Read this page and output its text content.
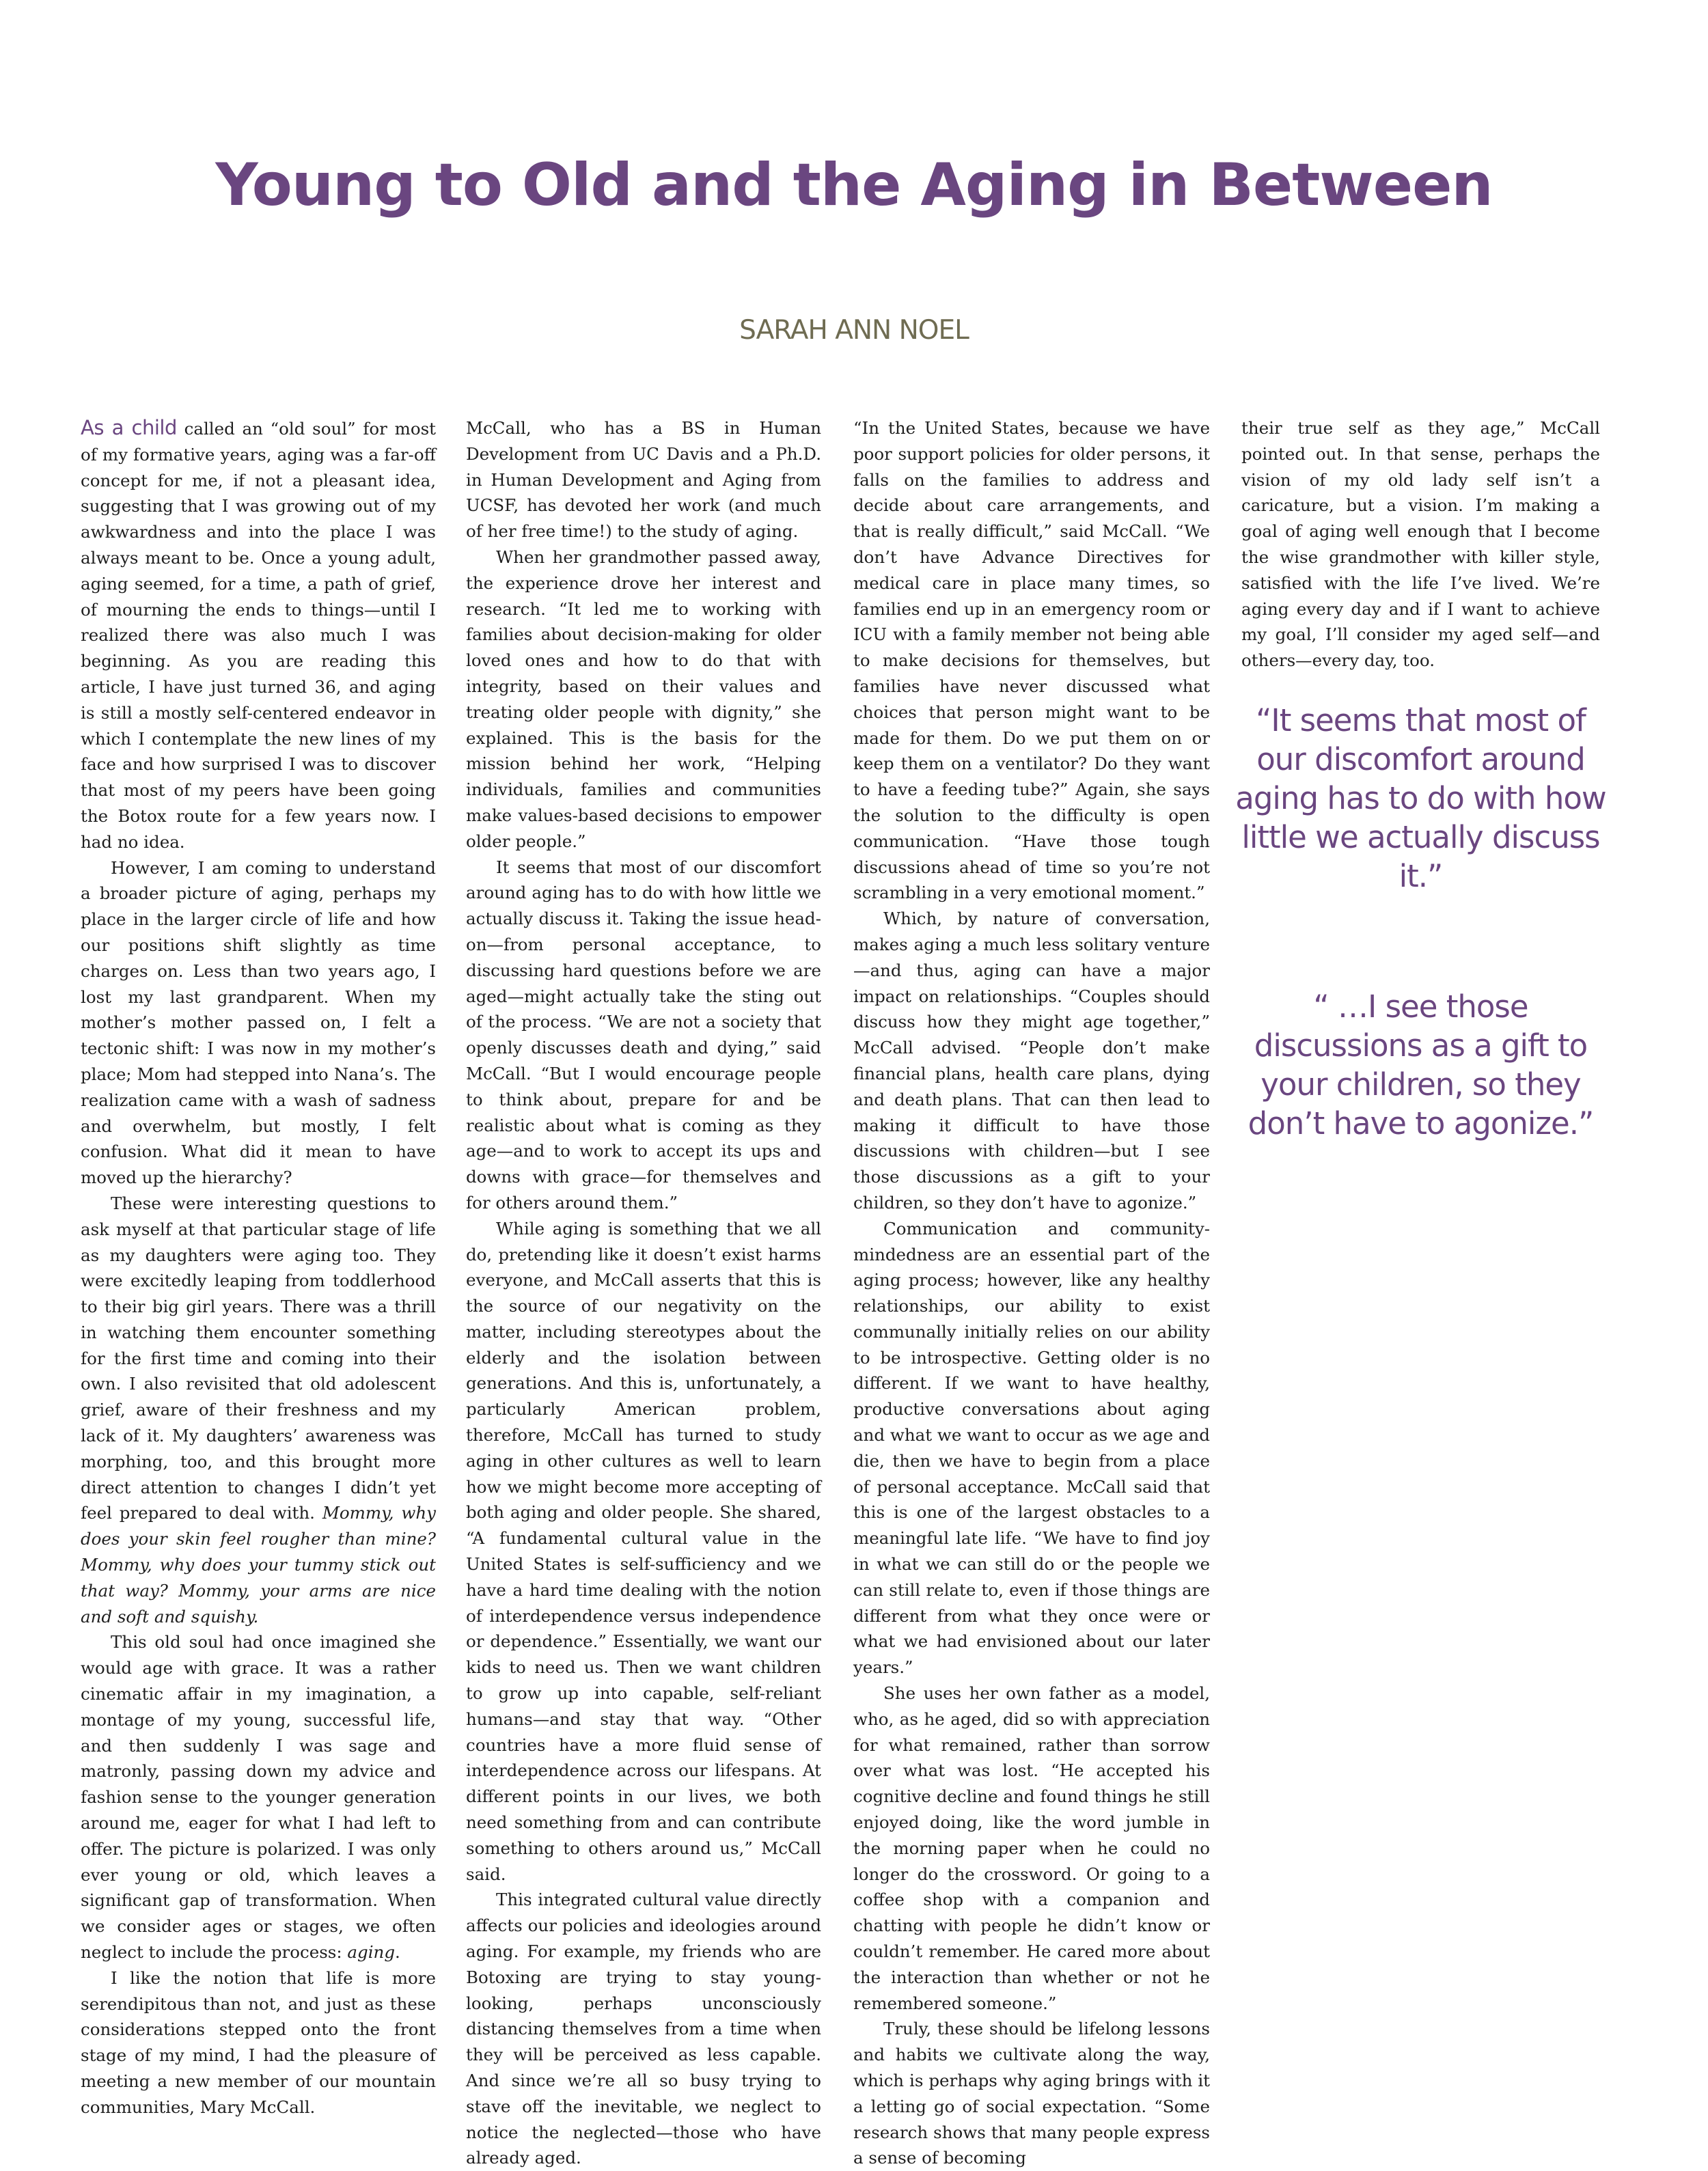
Young to Old and the Aging in Between
SARAH ANN NOEL

As a child called an “old soul” for most of my formative years, aging was a far-off concept for me, if not a pleasant idea, suggesting that I was growing out of my awkwardness and into the place I was always meant to be. Once a young adult, aging seemed, for a time, a path of grief, of mourning the ends to things—until I realized there was also much I was beginning. As you are reading this article, I have just turned 36, and aging is still a mostly self-centered endeavor in which I contemplate the new lines of my face and how surprised I was to discover that most of my peers have been going the Botox route for a few years now. I had no idea.

However, I am coming to understand a broader picture of aging, perhaps my place in the larger circle of life and how our positions shift slightly as time charges on. Less than two years ago, I lost my last grandparent. When my mother’s mother passed on, I felt a tectonic shift: I was now in my mother’s place; Mom had stepped into Nana’s. The realization came with a wash of sadness and overwhelm, but mostly, I felt confusion. What did it mean to have moved up the hierarchy?

These were interesting questions to ask myself at that particular stage of life as my daughters were aging too. They were excitedly leaping from toddlerhood to their big girl years. There was a thrill in watching them encounter something for the first time and coming into their own. I also revisited that old adolescent grief, aware of their freshness and my lack of it. My daughters’ awareness was morphing, too, and this brought more direct attention to changes I didn’t yet feel prepared to deal with. Mommy, why does your skin feel rougher than mine? Mommy, why does your tummy stick out that way? Mommy, your arms are nice and soft and squishy.

This old soul had once imagined she would age with grace. It was a rather cinematic affair in my imagination, a montage of my young, successful life, and then suddenly I was sage and matronly, passing down my advice and fashion sense to the younger generation around me, eager for what I had left to offer. The picture is polarized. I was only ever young or old, which leaves a significant gap of transformation. When we consider ages or stages, we often neglect to include the process: aging.

I like the notion that life is more serendipitous than not, and just as these considerations stepped onto the front stage of my mind, I had the pleasure of meeting a new member of our mountain communities, Mary McCall.

McCall, who has a BS in Human Development from UC Davis and a Ph.D. in Human Development and Aging from UCSF, has devoted her work (and much of her free time!) to the study of aging.

When her grandmother passed away, the experience drove her interest and research. “It led me to working with families about decision-making for older loved ones and how to do that with integrity, based on their values and treating older people with dignity,” she explained. This is the basis for the mission behind her work, “Helping individuals, families and communities make values-based decisions to empower older people.”

It seems that most of our discomfort around aging has to do with how little we actually discuss it. Taking the issue head-on—from personal acceptance, to discussing hard questions before we are aged—might actually take the sting out of the process. “We are not a society that openly discusses death and dying,” said McCall. “But I would encourage people to think about, prepare for and be realistic about what is coming as they age—and to work to accept its ups and downs with grace—for themselves and for others around them.”

While aging is something that we all do, pretending like it doesn’t exist harms everyone, and McCall asserts that this is the source of our negativity on the matter, including stereotypes about the elderly and the isolation between generations. And this is, unfortunately, a particularly American problem, therefore, McCall has turned to study aging in other cultures as well to learn how we might become more accepting of both aging and older people. She shared, “A fundamental cultural value in the United States is self-sufficiency and we have a hard time dealing with the notion of interdependence versus independence or dependence.” Essentially, we want our kids to need us. Then we want children to grow up into capable, self-reliant humans—and stay that way. “Other countries have a more fluid sense of interdependence across our lifespans. At different points in our lives, we both need something from and can contribute something to others around us,” McCall said.

This integrated cultural value directly affects our policies and ideologies around aging. For example, my friends who are Botoxing are trying to stay young-looking, perhaps unconsciously distancing themselves from a time when they will be perceived as less capable. And since we’re all so busy trying to stave off the inevitable, we neglect to notice the neglected—those who have already aged.

“In the United States, because we have poor support policies for older persons, it falls on the families to address and decide about care arrangements, and that is really difficult,” said McCall. “We don’t have Advance Directives for medical care in place many times, so families end up in an emergency room or ICU with a family member not being able to make decisions for themselves, but families have never discussed what choices that person might want to be made for them. Do we put them on or keep them on a ventilator? Do they want to have a feeding tube?” Again, she says the solution to the difficulty is open communication. “Have those tough discussions ahead of time so you’re not scrambling in a very emotional moment.”

Which, by nature of conversation, makes aging a much less solitary venture—and thus, aging can have a major impact on relationships. “Couples should discuss how they might age together,” McCall advised. “People don’t make financial plans, health care plans, dying and death plans. That can then lead to making it difficult to have those discussions with children—but I see those discussions as a gift to your children, so they don’t have to agonize.”

Communication and community-mindedness are an essential part of the aging process; however, like any healthy relationships, our ability to exist communally initially relies on our ability to be introspective. Getting older is no different. If we want to have healthy, productive conversations about aging and what we want to occur as we age and die, then we have to begin from a place of personal acceptance. McCall said that this is one of the largest obstacles to a meaningful late life. “We have to find joy in what we can still do or the people we can still relate to, even if those things are different from what they once were or what we had envisioned about our later years.”

She uses her own father as a model, who, as he aged, did so with appreciation for what remained, rather than sorrow over what was lost. “He accepted his cognitive decline and found things he still enjoyed doing, like the word jumble in the morning paper when he could no longer do the crossword. Or going to a coffee shop with a companion and chatting with people he didn’t know or couldn’t remember. He cared more about the interaction than whether or not he remembered someone.”

Truly, these should be lifelong lessons and habits we cultivate along the way, which is perhaps why aging brings with it a letting go of social expectation. “Some research shows that many people express a sense of becoming

their true self as they age,” McCall pointed out. In that sense, perhaps the vision of my old lady self isn’t a caricature, but a vision. I’m making a goal of aging well enough that I become the wise grandmother with killer style, satisfied with the life I’ve lived. We’re aging every day and if I want to achieve my goal, I’ll consider my aged self—and others—every day, too.

“It seems that most of our discomfort around aging has to do with how little we actually discuss it.”

“ …I see those discussions as a gift to your children, so they don’t have to agonize.”
